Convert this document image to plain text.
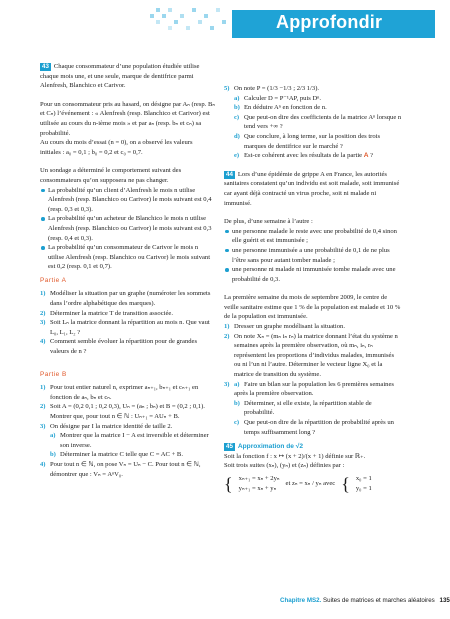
Approfondir

43 Chaque consommateur d’une population étudiée utilise chaque mois une, et une seule, marque de dentifrice parmi Alenfresh, Blanchico et Carivor.

Pour un consommateur pris au hasard, on désigne par Aₙ (resp. Bₙ et Cₙ) l’événement : « Alenfresh (resp. Blanchico et Carivor) est utilisée au cours du n-ième mois » et par aₙ (resp. bₙ et cₙ) sa probabilité.

Au cours du mois d’essai (n = 0), on a observé les valeurs initiales : a₀ = 0,1 ; b₀ = 0,2 et c₀ = 0,7.

Un sondage a déterminé le comportement suivant des consommateurs qu’on supposera ne pas changer.

La probabilité qu’un client d’Alenfresh le mois n utilise Alenfresh (resp. Blanchico ou Carivor) le mois suivant est 0,4 (resp. 0,3 et 0,3).
La probabilité qu’un acheteur de Blanchico le mois n utilise Alenfresh (resp. Blanchico ou Carivor) le mois suivant est 0,3 (resp. 0,4 et 0,3).
La probabilité qu’un consommateur de Carivor le mois n utilise Alenfresh (resp. Blanchico ou Carivor) le mois suivant est 0,2 (resp. 0,1 et 0,7).
Partie A
1) Modéliser la situation par un graphe (numéroter les sommets dans l’ordre alphabétique des marques).
2) Déterminer la matrice T de transition associée.
3) Soit Lₙ la matrice donnant la répartition au mois n. Que vaut L₀, L₁, L₂ ?
4) Comment semble évoluer la répartition pour de grandes valeurs de n ?
Partie B
1) Pour tout entier naturel n, exprimer aₙ₊₁, bₙ₊₁ et cₙ₊₁ en fonction de aₙ, bₙ et cₙ.
2) Soit A = (0,2 0,1 ; 0,2 0,3), Uₙ = (aₙ ; bₙ) et B = (0,2 ; 0,1). Montrer que, pour tout n ∈ ℕ : Uₙ₊₁ = AUₙ + B.
3) On désigne par I la matrice identité de taille 2.
a) Montrer que la matrice I − A est inversible et déterminer son inverse.
b) Déterminer la matrice C telle que C = AC + B.
4) Pour tout n ∈ ℕ, on pose Vₙ = Uₙ − C. Pour tout n ∈ ℕ, démontrer que : Vₙ = AⁿV₀.
5) On note P = (1/3 −1/3 ; 2/3 1/3).
a) Calculer D = P⁻¹AP, puis Dⁿ.
b) En déduire Aⁿ en fonction de n.
c) Que peut-on dire des coefficients de la matrice Aⁿ lorsque n tend vers +∞ ?
d) Que conclure, à long terme, sur la position des trois marques de dentifrice sur le marché ?
e) Est-ce cohérent avec les résultats de la partie A ?

44 Lors d’une épidémie de grippe A en France, les autorités sanitaires constatent qu’un individu est soit malade, soit immunisé car ayant déjà contracté un virus proche, soit ni malade ni immunisé.

De plus, d’une semaine à l’autre :

une personne malade le reste avec une probabilité de 0,4 sinon elle guérit et est immunisée ;
une personne immunisée a une probabilité de 0,1 de ne plus l’être sans pour autant tomber malade ;
une personne ni malade ni immunisée tombe malade avec une probabilité de 0,3.

La première semaine du mois de septembre 2009, le centre de veille sanitaire estime que 1 % de la population est malade et 10 % de la population est immunisée.

1) Dresser un graphe modélisant la situation.
2) On note Xₙ = (mₙ iₙ rₙ) la matrice donnant l’état du système n semaines après la première observation, où mₙ, iₙ, rₙ représentent les proportions d’individus malades, immunisés ou ni l’un ni l’autre. Déterminer le vecteur ligne X₀ et la matrice de transition du système.
3) a) Faire un bilan sur la population les 6 premières semaines après la première observation.
b) Déterminer, si elle existe, la répartition stable de probabilité.
c) Que peut-on dire de la répartition de probabilité après un temps suffisamment long ?

45 Approximation de √2

Soit la fonction f : x ↦ (x + 2)/(x + 1) définie sur ℝ₊.

Soit trois suites (xₙ), (yₙ) et (zₙ) définies par :

{ xₙ₊₁ = xₙ + 2yₙ
yₙ₊₁ = xₙ + yₙ
et zₙ = xₙ / yₙ avec { x₀ = 1
y₀ = 1
Chapitre MS2. Suites de matrices et marches aléatoires 135
